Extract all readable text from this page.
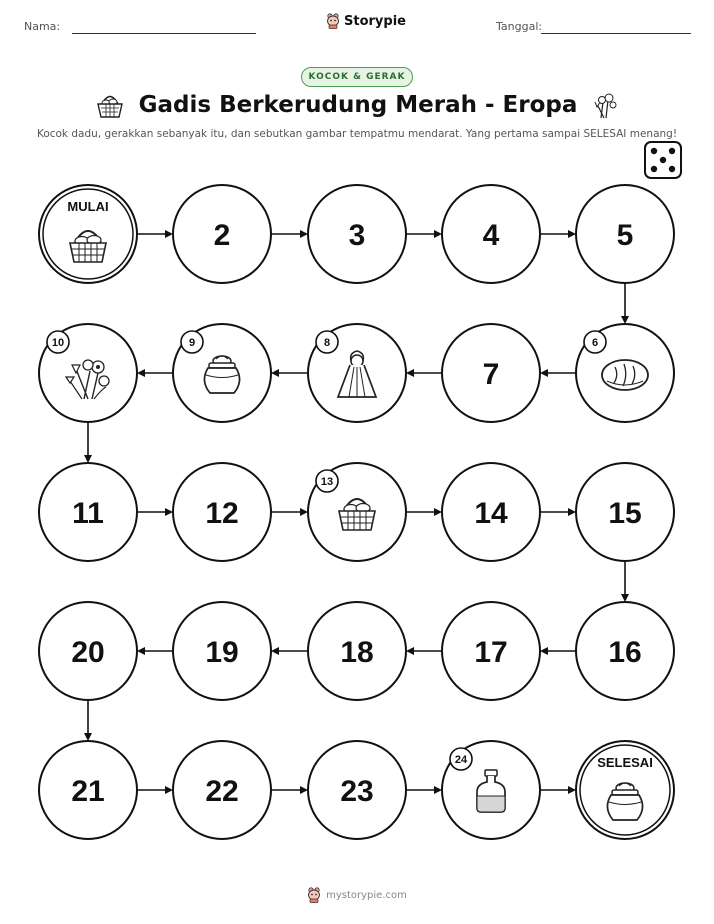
Nama:	Storypie	Tanggal:
KOCOK & GERAK
Gadis Berkerudung Merah - Eropa
Kocok dadu, gerakkan sebanyak itu, dan sebutkan gambar tempatmu mendarat. Yang pertama sampai SELESAI menang!
MULAI
2	3	4	5
6
7
8
9
10
11	12
13
14	15
16
17
18
19
20
21	22	23
24	SELESAI
mystorypie.com
